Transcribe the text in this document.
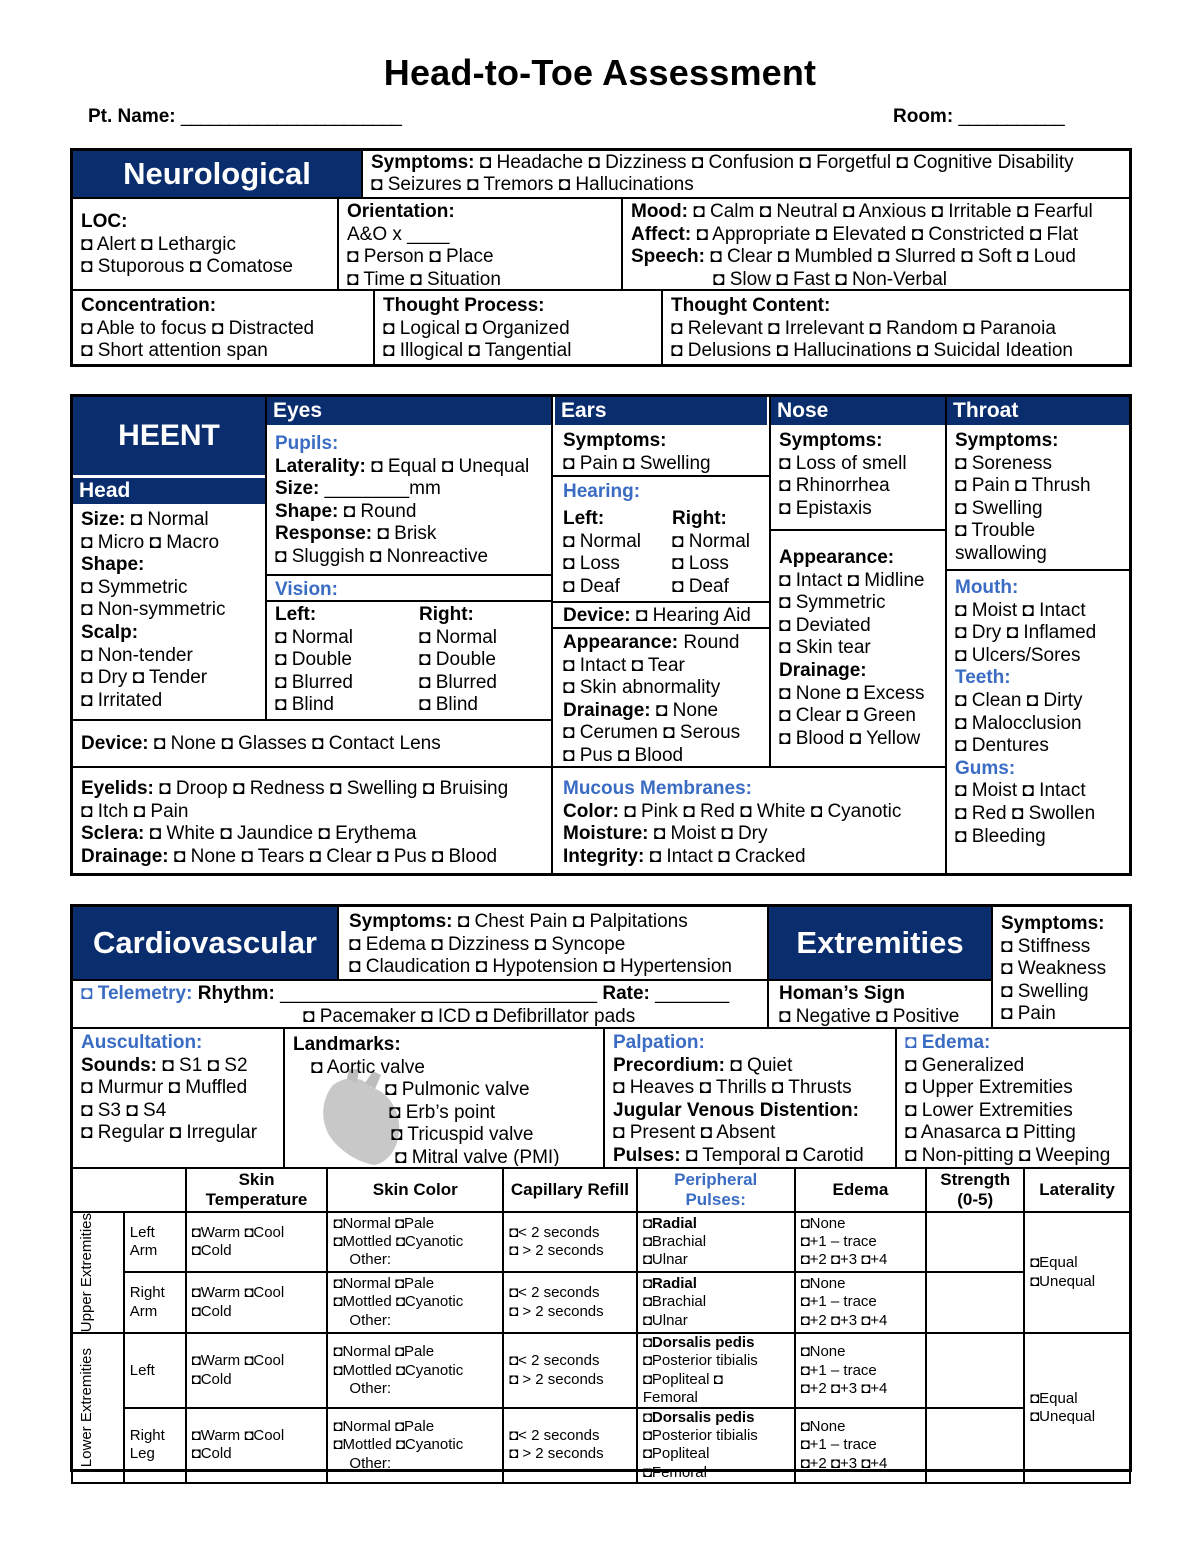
Head-to-Toe Assessment
Pt. Name: _______________________	Room: ___________
Neurological	Symptoms: ◘ Headache ◘ Dizziness ◘ Confusion ◘ Forgetful ◘ Cognitive Disability
◘ Seizures ◘ Tremors ◘ Hallucinations
LOC:
◘ Alert ◘ Lethargic
◘ Stuporous ◘ Comatose
Orientation:
A&O x ____
◘ Person ◘ Place
◘ Time ◘ Situation
Mood: ◘ Calm ◘ Neutral ◘ Anxious ◘ Irritable ◘ Fearful
Affect: ◘ Appropriate ◘ Elevated ◘ Constricted ◘ Flat
Speech: ◘ Clear ◘ Mumbled ◘ Slurred ◘ Soft ◘ Loud
◘ Slow ◘ Fast ◘ Non-Verbal
Concentration:
◘ Able to focus ◘ Distracted
◘ Short attention span
Thought Process:
◘ Logical ◘ Organized
◘ Illogical ◘ Tangential
Thought Content:
◘ Relevant ◘ Irrelevant ◘ Random ◘ Paranoia
◘ Delusions ◘ Hallucinations ◘ Suicidal Ideation
HEENT
Head
Size: ◘ Normal
◘ Micro ◘ Macro
Shape:
◘ Symmetric
◘ Non-symmetric
Scalp:
◘ Non-tender
◘ Dry ◘ Tender
◘ Irritated
Eyes
Pupils:
Laterality: ◘ Equal ◘ Unequal
Size: ________mm
Shape: ◘ Round
Response: ◘ Brisk
◘ Sluggish ◘ Nonreactive
Vision:
Left:
◘ Normal
◘ Double
◘ Blurred
◘ Blind
Right:
◘ Normal
◘ Double
◘ Blurred
◘ Blind
Device: ◘ None ◘ Glasses ◘ Contact Lens
Eyelids: ◘ Droop ◘ Redness ◘ Swelling ◘ Bruising
◘ Itch ◘ Pain
Sclera: ◘ White ◘ Jaundice ◘ Erythema
Drainage: ◘ None ◘ Tears ◘ Clear ◘ Pus ◘ Blood
Ears
Symptoms:
◘ Pain ◘ Swelling
Hearing:
Left:
◘ Normal
◘ Loss
◘ Deaf
Right:
◘ Normal
◘ Loss
◘ Deaf
Device: ◘ Hearing Aid
Appearance: Round
◘ Intact ◘ Tear
◘ Skin abnormality
Drainage: ◘ None
◘ Cerumen ◘ Serous
◘ Pus ◘ Blood
Mucous Membranes:
Color: ◘ Pink ◘ Red ◘ White ◘ Cyanotic
Moisture: ◘ Moist ◘ Dry
Integrity: ◘ Intact ◘ Cracked
Nose
Symptoms:
◘ Loss of smell
◘ Rhinorrhea
◘ Epistaxis
Appearance:
◘ Intact ◘ Midline
◘ Symmetric
◘ Deviated
◘ Skin tear
Drainage:
◘ None ◘ Excess
◘ Clear ◘ Green
◘ Blood ◘ Yellow
Throat
Symptoms:
◘ Soreness
◘ Pain ◘ Thrush
◘ Swelling
◘ Trouble
swallowing
Mouth:
◘ Moist ◘ Intact
◘ Dry ◘ Inflamed
◘ Ulcers/Sores
Teeth:
◘ Clean ◘ Dirty
◘ Malocclusion
◘ Dentures
Gums:
◘ Moist ◘ Intact
◘ Red ◘ Swollen
◘ Bleeding
Cardiovascular
Symptoms: ◘ Chest Pain ◘ Palpitations
◘ Edema ◘ Dizziness ◘ Syncope
◘ Claudication ◘ Hypotension ◘ Hypertension
◘ Telemetry: Rhythm: ______________________________ Rate: _______
◘ Pacemaker ◘ ICD ◘ Defibrillator pads
Extremities
Homan’s Sign
◘ Negative ◘ Positive
Symptoms:
◘ Stiffness
◘ Weakness
◘ Swelling
◘ Pain
Auscultation:
Sounds: ◘ S1 ◘ S2
◘ Murmur ◘ Muffled
◘ S3 ◘ S4
◘ Regular ◘ Irregular
Landmarks:
◘ Aortic valve
◘ Pulmonic valve
◘ Erb’s point
◘ Tricuspid valve
◘ Mitral valve (PMI)
Palpation:
Precordium: ◘ Quiet
◘ Heaves ◘ Thrills ◘ Thrusts
Jugular Venous Distention:
◘ Present ◘ Absent
Pulses: ◘ Temporal ◘ Carotid
◘ Edema:
◘ Generalized
◘ Upper Extremities
◘ Lower Extremities
◘ Anasarca ◘ Pitting
◘ Non-pitting ◘ Weeping
		Skin Temperature	Skin Color	Capillary Refill	Peripheral Pulses:	Edema	Strength (0-5)	Laterality

Upper Extremities	Left Arm	◘Warm ◘Cool
◘Cold	◘Normal ◘Pale
◘Mottled ◘Cyanotic
Other:	◘< 2 seconds
◘ > 2 seconds	◘Radial
◘Brachial
◘Ulnar	◘None
◘+1 – trace
◘+2 ◘+3 ◘+4		◘Equal
◘Unequal

	Right Arm	◘Warm ◘Cool
◘Cold	◘Normal ◘Pale
◘Mottled ◘Cyanotic
Other:	◘< 2 seconds
◘ > 2 seconds	◘Radial
◘Brachial
◘Ulnar	◘None
◘+1 – trace
◘+2 ◘+3 ◘+4		

Lower Extremities	Left	◘Warm ◘Cool
◘Cold	◘Normal ◘Pale
◘Mottled ◘Cyanotic
Other:	◘< 2 seconds
◘ > 2 seconds	◘Dorsalis pedis
◘Posterior tibialis
◘Popliteal ◘
Femoral	◘None
◘+1 – trace
◘+2 ◘+3 ◘+4		◘Equal
◘Unequal

	Right Leg	◘Warm ◘Cool
◘Cold	◘Normal ◘Pale
◘Mottled ◘Cyanotic
Other:	◘< 2 seconds
◘ > 2 seconds	◘Dorsalis pedis
◘Posterior tibialis
◘Popliteal
◘Femoral	◘None
◘+1 – trace
◘+2 ◘+3 ◘+4		
